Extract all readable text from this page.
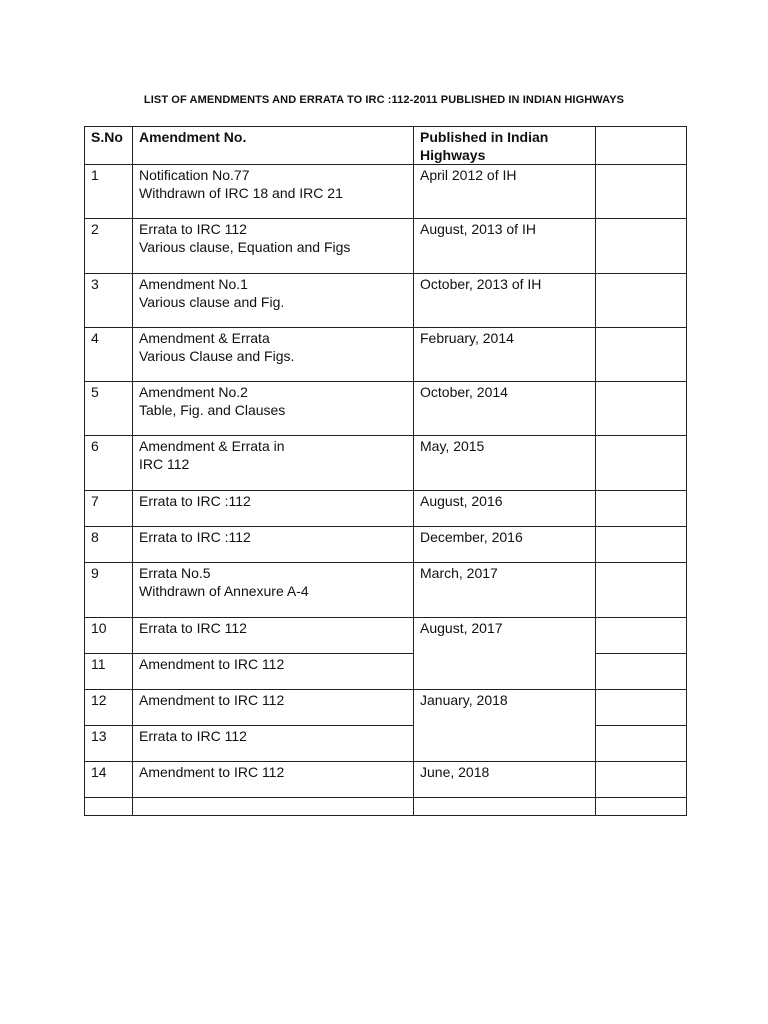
LIST OF AMENDMENTS AND ERRATA TO IRC :112-2011 PUBLISHED IN INDIAN HIGHWAYS
S.No	Amendment No.	Published in Indian Highways	
1	Notification No.77
Withdrawn of IRC 18 and IRC 21	April 2012 of IH	
2	Errata to IRC 112
Various clause, Equation and Figs	August, 2013 of IH	
3	Amendment No.1
Various clause and Fig.	October, 2013 of IH	
4	Amendment & Errata
Various Clause and Figs.	February, 2014	
5	Amendment No.2
Table, Fig. and Clauses	October, 2014	
6	Amendment & Errata in
IRC 112	May, 2015	
7	Errata to IRC :112	August, 2016	
8	Errata to IRC :112	December, 2016	
9	Errata No.5
Withdrawn of Annexure A-4	March, 2017	
10	Errata to IRC 112	August, 2017	
11	Amendment to IRC 112		

12	Amendment to IRC 112	January, 2018	
13	Errata to IRC 112		

14	Amendment to IRC 112	June, 2018	
